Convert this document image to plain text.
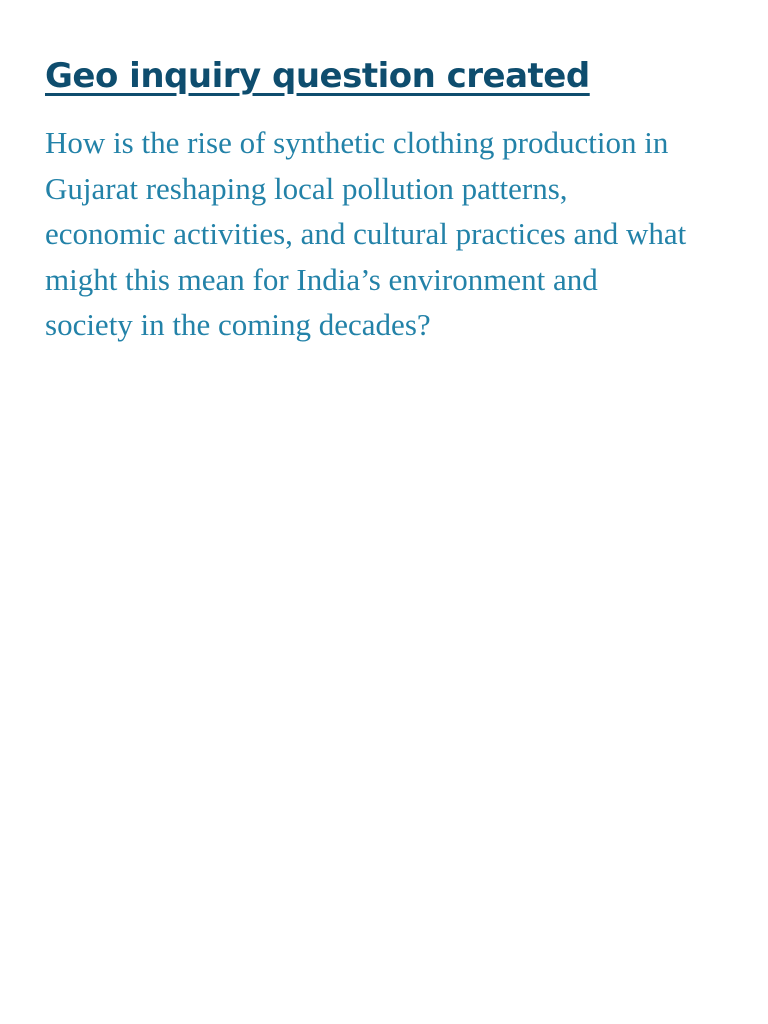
Geo inquiry question created

How is the rise of synthetic clothing production in
Gujarat reshaping local pollution patterns,
economic activities, and cultural practices and what
might this mean for India’s environment and
society in the coming decades?
